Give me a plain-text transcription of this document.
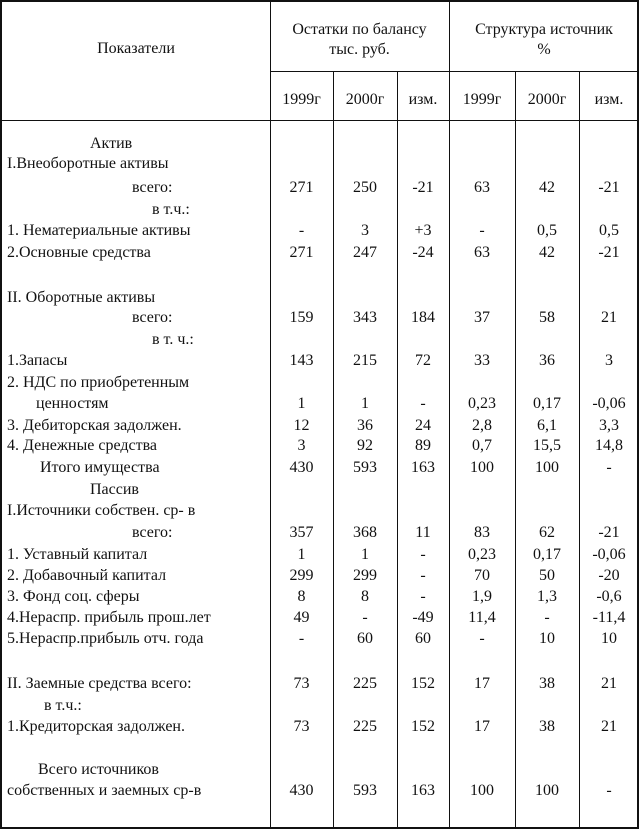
Показатели
Остатки по балансу
тыс. руб.
Структура источник
%
1999г	2000г	изм.	1999г	2000г	изм.
Актив
I.Внеоборотные активы
всего:	271	250	-21	63	42	-21
в т.ч.:
1. Нематериальные активы	-	3	+3	-	0,5	0,5
2.Основные средства	271	247	-24	63	42	-21
II. Оборотные активы
всего:	159	343	184	37	58	21
в т. ч.:
1.Запасы	143	215	72	33	36	3
2. НДС по приобретенным
ценностям	1	1	-	0,23	0,17	-0,06
3. Дебиторская задолжен.	12	36	24	2,8	6,1	3,3
4. Денежные средства	3	92	89	0,7	15,5	14,8
Итого имущества	430	593	163	100	100	-
Пассив
I.Источники собствен. ср- в
всего:	357	368	11	83	62	-21
1. Уставный капитал	1	1	-	0,23	0,17	-0,06
2. Добавочный капитал	299	299	-	70	50	-20
3. Фонд соц. сферы	8	8	-	1,9	1,3	-0,6
4.Нераспр. прибыль прош.лет	49	-	-49	11,4	-	-11,4
5.Нераспр.прибыль отч. года	-	60	60	-	10	10
II. Заемные средства всего:	73	225	152	17	38	21
в т.ч.:
1.Кредиторская задолжен.	73	225	152	17	38	21
Всего источников
собственных и заемных ср-в	430	593	163	100	100	-
